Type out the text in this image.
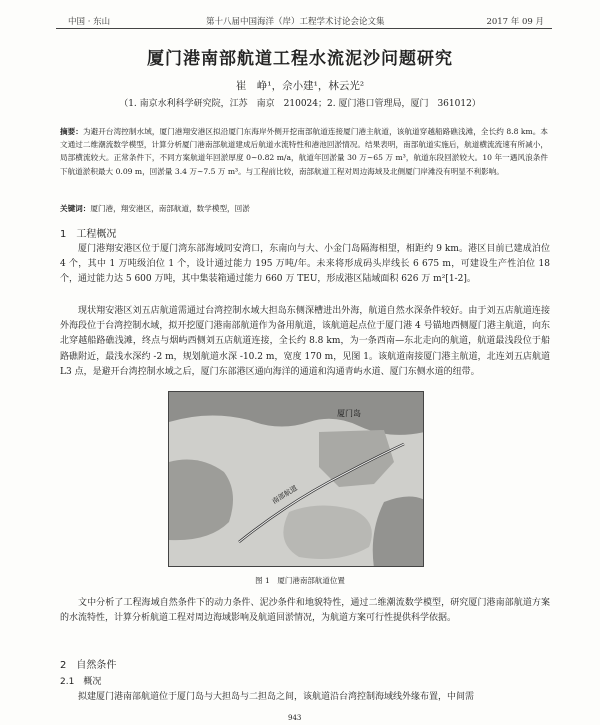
中国 · 东山	第十八届中国海洋（岸）工程学术讨论会论文集	2017 年 09 月
厦门港南部航道工程水流泥沙问题研究
崔　峥¹，佘小建¹，林云光²
（1. 南京水利科学研究院，江苏　南京　210024；2. 厦门港口管理局，厦门　361012）
摘要：为避开台湾控制水域，厦门港翔安港区拟沿厦门东海岸外侧开挖南部航道连接厦门港主航道，该航道穿越船路礁浅滩，全长约 8.8 km。本文通过二维潮流数学模型，计算分析厦门港南部航道建成后航道水流特性和港池回淤情况。结果表明，南部航道实施后，航道横流流速有所减小，局部横流较大。正常条件下，不同方案航道年回淤厚度 0~0.82 m/a，航道年回淤量 30 万~65 万 m³，航道东段回淤较大。10 年一遇风浪条件下航道淤积最大 0.09 m，回淤量 3.4 万~7.5 万 m³。与工程前比较，南部航道工程对周边海域及北侧厦门岸滩没有明显不利影响。
关键词：厦门港，翔安港区，南部航道，数学模型，回淤
1　工程概况
厦门港翔安港区位于厦门湾东部海域同安湾口，东南向与大、小金门岛隔海相望，相距约 9 km。港区目前已建成泊位 4 个，其中 1 万吨级泊位 1 个，设计通过能力 195 万吨/年。未来将形成码头岸线长 6 675 m，可建设生产性泊位 18 个，通过能力达 5 600 万吨，其中集装箱通过能力 660 万 TEU，形成港区陆域面积 626 万 m²[1-2]。
现状翔安港区刘五店航道需通过台湾控制水域大担岛东侧深槽进出外海，航道自然水深条件较好。由于刘五店航道连接外海段位于台湾控制水域，拟开挖厦门港南部航道作为备用航道，该航道起点位于厦门港 4 号锚地西侧厦门港主航道，向东北穿越船路礁浅滩，终点与烟屿西侧刘五店航道连接，全长约 8.8 km，为一条西南—东北走向的航道，航道最浅段位于船路礁附近，最浅水深约 -2 m，规划航道水深 -10.2 m，宽度 170 m，见图 1。该航道南接厦门港主航道，北连刘五店航道 L3 点，是避开台湾控制水域之后，厦门东部港区通向海洋的通道和沟通青屿水道、厦门东侧水道的纽带。
厦门岛
南部航道
图 1　厦门港南部航道位置
文中分析了工程海域自然条件下的动力条件、泥沙条件和地貌特性，通过二维潮流数学模型，研究厦门港南部航道方案的水流特性，计算分析航道工程对周边海域影响及航道回淤情况，为航道方案可行性提供科学依据。
2　自然条件
2.1　概况
拟建厦门港南部航道位于厦门岛与大担岛与二担岛之间，该航道沿台湾控制海域线外缘布置，中间需
943
